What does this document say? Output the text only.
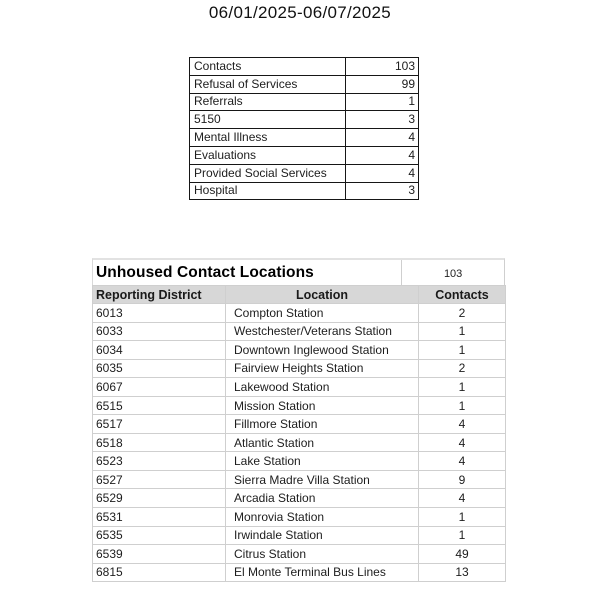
06/01/2025-06/07/2025
Contacts	103
Refusal of Services	99
Referrals	1
5150	3
Mental Illness	4
Evaluations	4
Provided Social Services	4
Hospital	3
Unhoused Contact Locations	103
Reporting District	Location	Contacts
6013	Compton Station	2
6033	Westchester/Veterans Station	1
6034	Downtown Inglewood Station	1
6035	Fairview Heights Station	2
6067	Lakewood Station	1
6515	Mission Station	1
6517	Fillmore Station	4
6518	Atlantic Station	4
6523	Lake Station	4
6527	Sierra Madre Villa Station	9
6529	Arcadia Station	4
6531	Monrovia Station	1
6535	Irwindale Station	1
6539	Citrus Station	49
6815	El Monte Terminal Bus Lines	13
